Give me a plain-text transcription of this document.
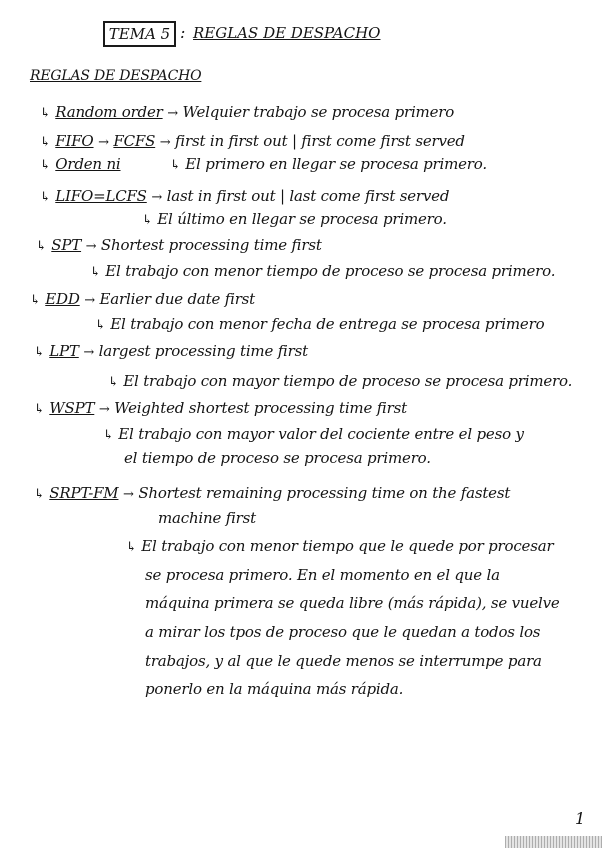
TEMA 5 : REGLAS DE DESPACHO
REGLAS DE DESPACHO
↳ Random order → Welquier trabajo se procesa primero
↳ FIFO → FCFS → first in first out | first come first served
↳ Orden ni	↳ El primero en llegar se procesa primero.
↳ LIFO=LCFS → last in first out | last come first served
↳ El último en llegar se procesa primero.
↳ SPT → Shortest processing time first
↳ El trabajo con menor tiempo de proceso se procesa primero.
↳ EDD → Earlier due date first
↳ El trabajo con menor fecha de entrega se procesa primero
↳ LPT → largest processing time first
↳ El trabajo con mayor tiempo de proceso se procesa primero.
↳ WSPT → Weighted shortest processing time first
↳ El trabajo con mayor valor del cociente entre el peso y
el tiempo de proceso se procesa primero.
↳ SRPT-FM → Shortest remaining processing time on the fastest
machine first
↳ El trabajo con menor tiempo que le quede por procesar
se procesa primero. En el momento en el que la
máquina primera se queda libre (más rápida), se vuelve
a mirar los tpos de proceso que le quedan a todos los
trabajos, y al que le quede menos se interrumpe para
ponerlo en la máquina más rápida.
1
